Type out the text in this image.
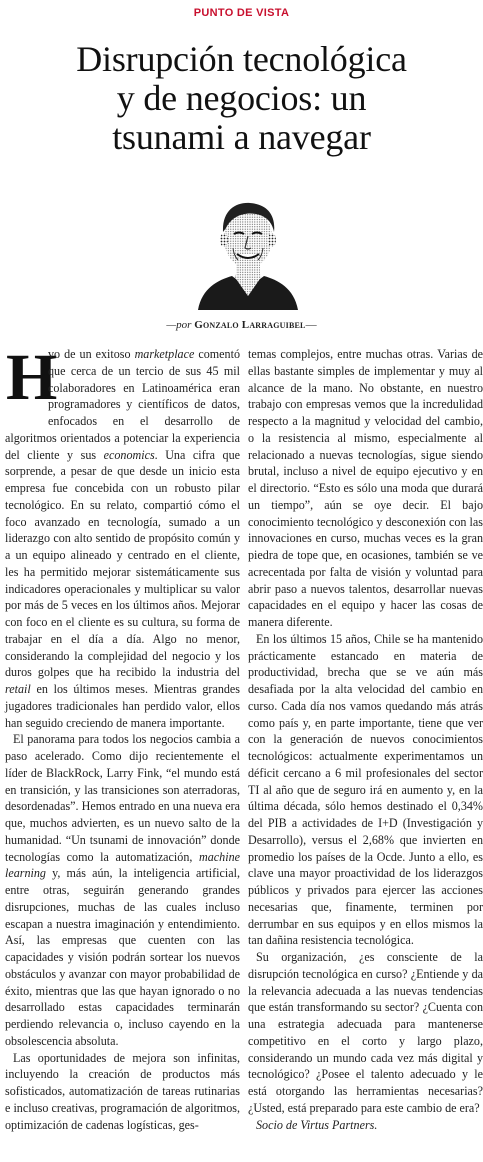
PUNTO DE VISTA
Disrupción tecnológica
y de negocios: un
tsunami a navegar
—por Gonzalo Larraguibel—

H
vo de un exitoso marketplace comentó que cerca de un tercio de sus 45 mil colaboradores en Latinoamérica eran programadores y científicos de datos, enfocados en el desarrollo de algoritmos orientados a potenciar la experiencia del cliente y sus economics. Una cifra que sorprende, a pesar de que desde un inicio esta empresa fue concebida con un robusto pilar tecnológico. En su relato, compartió cómo el foco avanzado en tecnología, sumado a un liderazgo con alto sentido de propósito común y a un equipo alineado y centrado en el cliente, les ha permitido mejorar sistemáticamente sus indicadores operacionales y multiplicar su valor por más de 5 veces en los últimos años. Mejorar con foco en el cliente es su cultura, su forma de trabajar en el día a día. Algo no menor, considerando la complejidad del negocio y los duros golpes que ha recibido la industria del retail en los últimos meses. Mientras grandes jugadores tradicionales han perdido valor, ellos han seguido creciendo de manera importante.

El panorama para todos los negocios cambia a paso acelerado. Como dijo recientemente el líder de BlackRock, Larry Fink, “el mundo está en transición, y las transiciones son aterradoras, desordenadas”. Hemos entrado en una nueva era que, muchos advierten, es un nuevo salto de la humanidad. “Un tsunami de innovación” donde tecnologías como la automatización, machine learning y, más aún, la inteligencia artificial, entre otras, seguirán generando grandes disrupciones, muchas de las cuales incluso escapan a nuestra imaginación y entendimiento. Así, las empresas que cuenten con las capacidades y visión podrán sortear los nuevos obstáculos y avanzar con mayor probabilidad de éxito, mientras que las que hayan ignorado o no desarrollado estas capacidades terminarán perdiendo relevancia o, incluso cayendo en la obsolescencia absoluta.

Las oportunidades de mejora son infinitas, incluyendo la creación de productos más sofisticados, automatización de tareas rutinarias e incluso creativas, programación de algoritmos, optimización de cadenas logísticas, ges-

temas complejos, entre muchas otras. Varias de ellas bastante simples de implementar y muy al alcance de la mano. No obstante, en nuestro trabajo con empresas vemos que la incredulidad respecto a la magnitud y velocidad del cambio, o la resistencia al mismo, especialmente al relacionado a nuevas tecnologías, sigue siendo brutal, incluso a nivel de equipo ejecutivo y en el directorio. “Esto es sólo una moda que durará un tiempo”, aún se oye decir. El bajo conocimiento tecnológico y desconexión con las innovaciones en curso, muchas veces es la gran piedra de tope que, en ocasiones, también se ve acrecentada por falta de visión y voluntad para abrir paso a nuevos talentos, desarrollar nuevas capacidades en el equipo y hacer las cosas de manera diferente.

En los últimos 15 años, Chile se ha mantenido prácticamente estancado en materia de productividad, brecha que se ve aún más desafiada por la alta velocidad del cambio en curso. Cada día nos vamos quedando más atrás como país y, en parte importante, tiene que ver con la generación de nuevos conocimientos tecnológicos: actualmente experimentamos un déficit cercano a 6 mil profesionales del sector TI al año que de seguro irá en aumento y, en la última década, sólo hemos destinado el 0,34% del PIB a actividades de I+D (Investigación y Desarrollo), versus el 2,68% que invierten en promedio los países de la Ocde. Junto a ello, es clave una mayor proactividad de los liderazgos públicos y privados para ejercer las acciones necesarias que, finamente, terminen por derrumbar en sus equipos y en ellos mismos la tan dañina resistencia tecnológica.

Su organización, ¿es consciente de la disrupción tecnológica en curso? ¿Entiende y da la relevancia adecuada a las nuevas tendencias que están transformando su sector? ¿Cuenta con una estrategia adecuada para mantenerse competitivo en el corto y largo plazo, considerando un mundo cada vez más digital y tecnológico? ¿Posee el talento adecuado y le está otorgando las herramientas necesarias? ¿Usted, está preparado para este cambio de era?

Socio de Virtus Partners.
